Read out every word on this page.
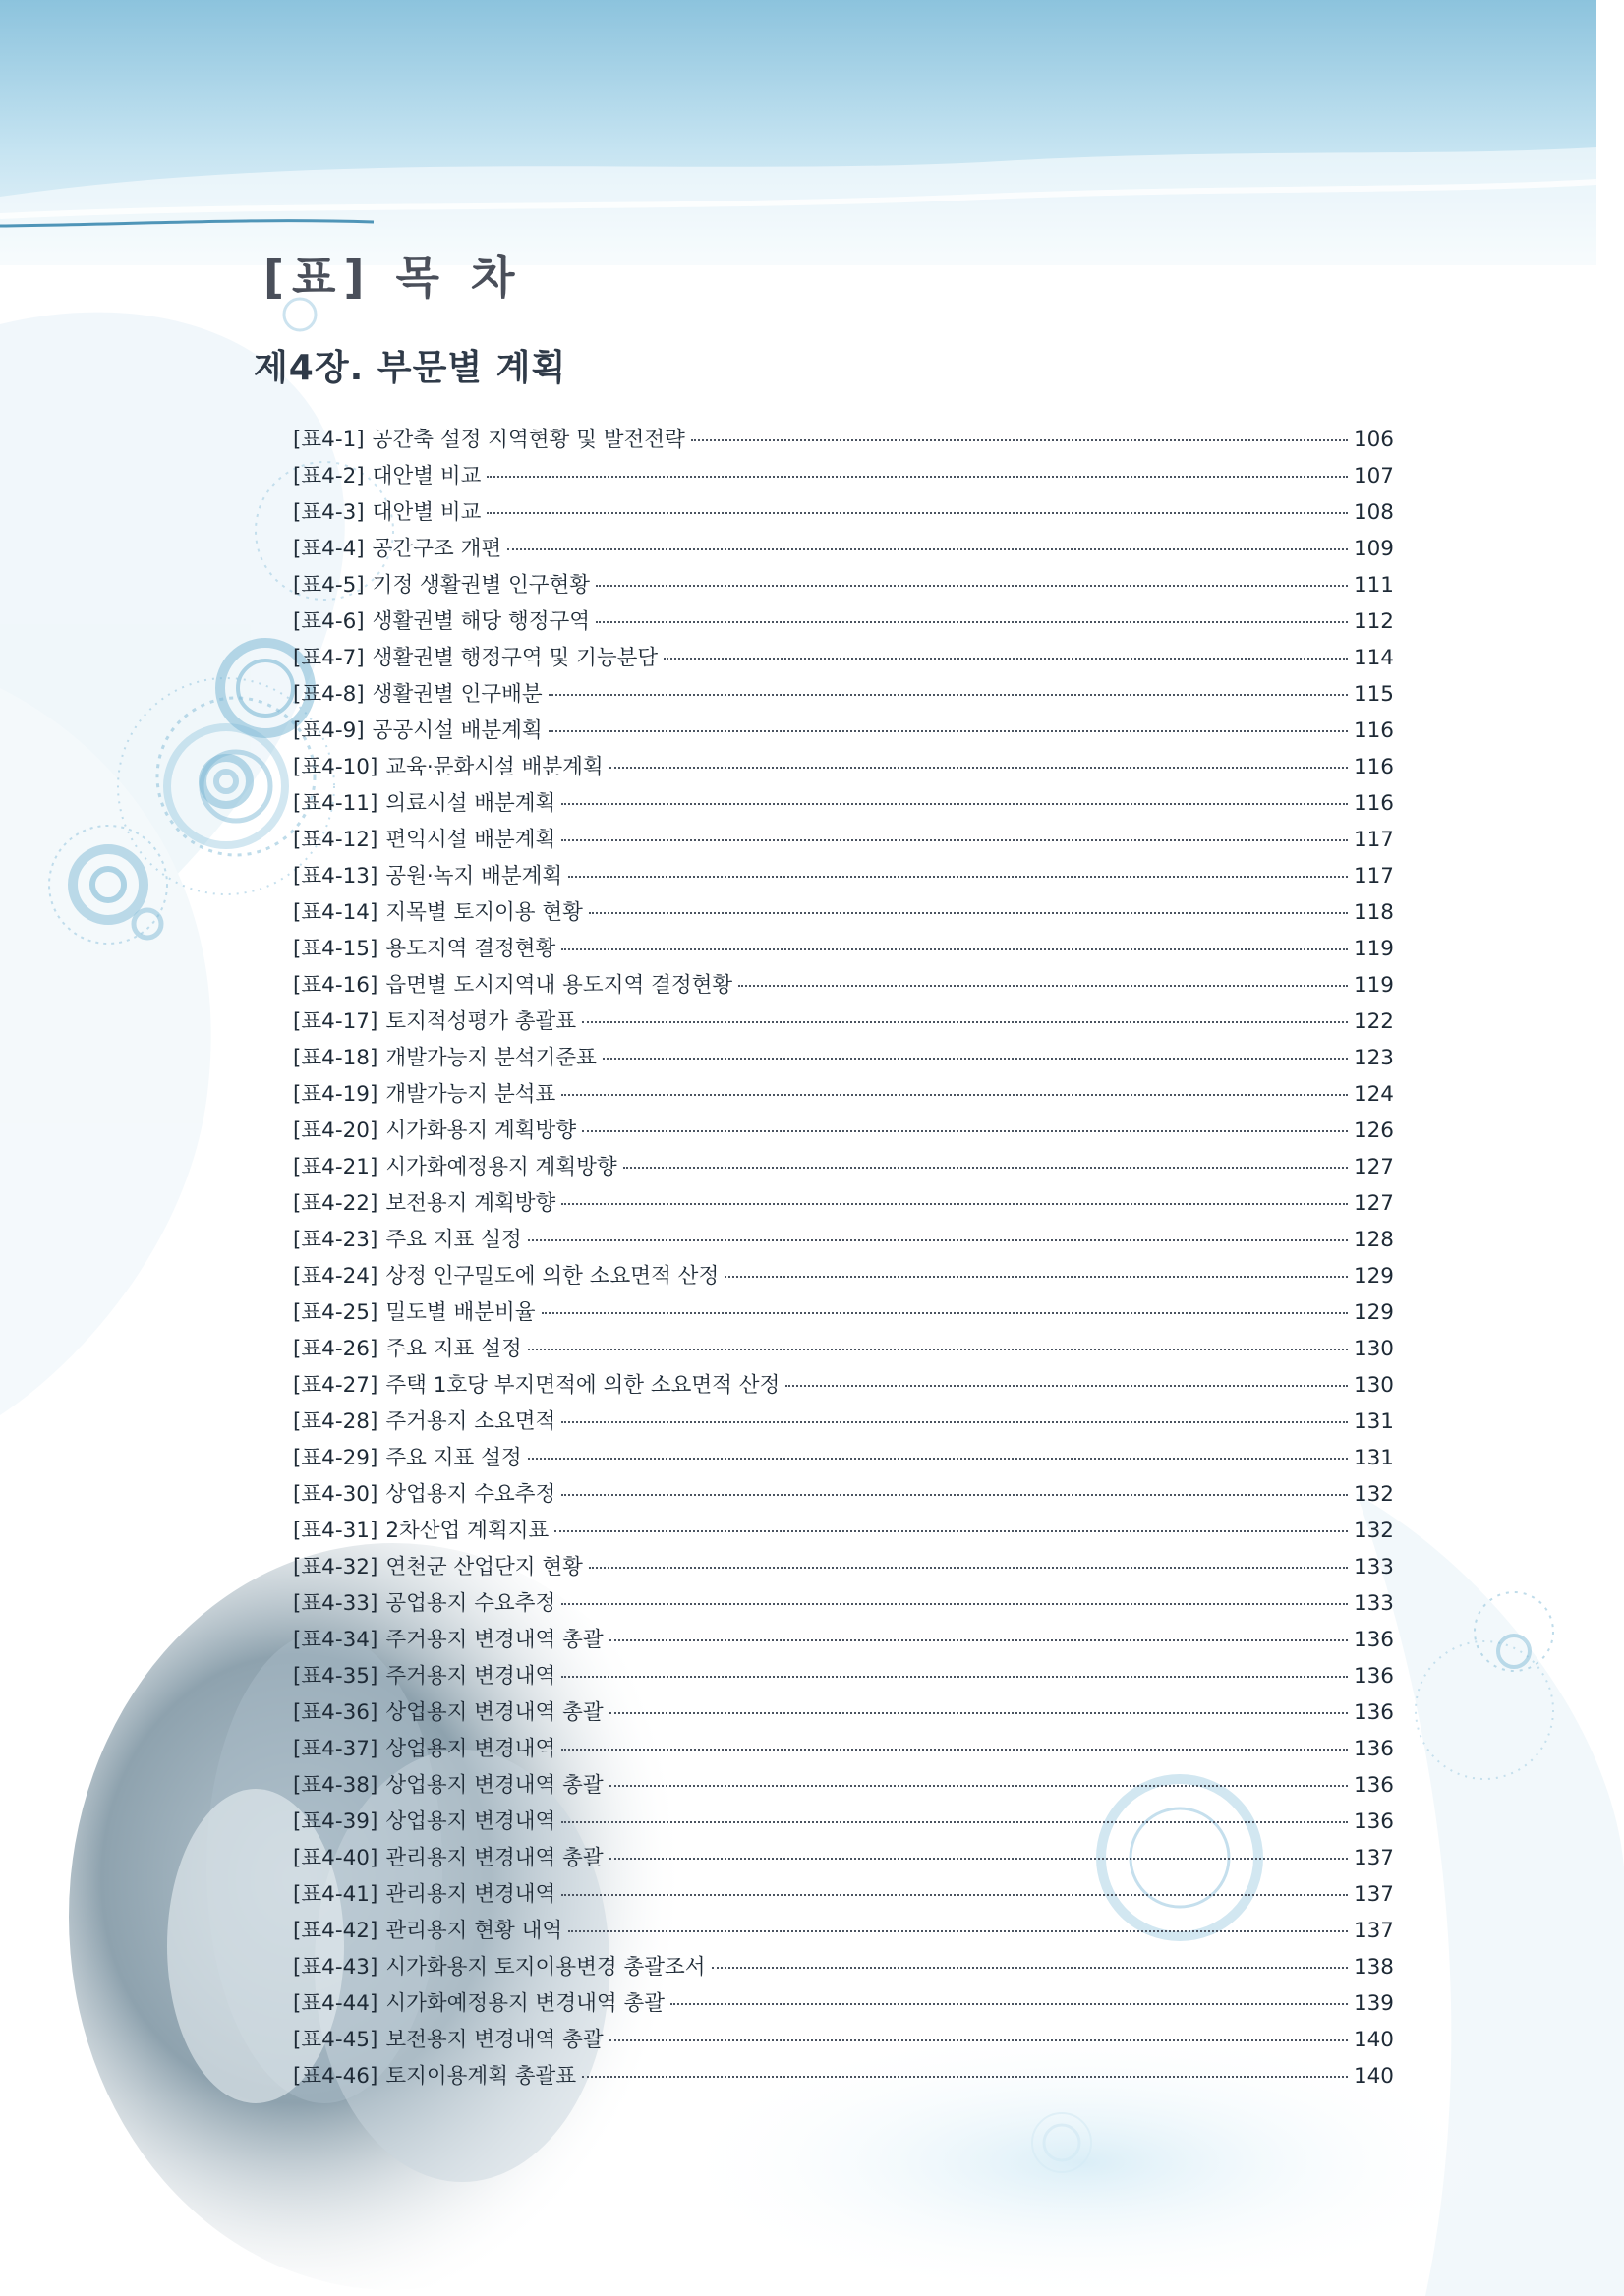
[표] 목 차
제4장. 부문별 계획
[표4-1] 공간축 설정 지역현황 및 발전전략	106
[표4-2] 대안별 비교	107
[표4-3] 대안별 비교	108
[표4-4] 공간구조 개편	109
[표4-5] 기정 생활권별 인구현황	111
[표4-6] 생활권별 해당 행정구역	112
[표4-7] 생활권별 행정구역 및 기능분담	114
[표4-8] 생활권별 인구배분	115
[표4-9] 공공시설 배분계획	116
[표4-10] 교육·문화시설 배분계획	116
[표4-11] 의료시설 배분계획	116
[표4-12] 편익시설 배분계획	117
[표4-13] 공원·녹지 배분계획	117
[표4-14] 지목별 토지이용 현황	118
[표4-15] 용도지역 결정현황	119
[표4-16] 읍면별 도시지역내 용도지역 결정현황	119
[표4-17] 토지적성평가 총괄표	122
[표4-18] 개발가능지 분석기준표	123
[표4-19] 개발가능지 분석표	124
[표4-20] 시가화용지 계획방향	126
[표4-21] 시가화예정용지 계획방향	127
[표4-22] 보전용지 계획방향	127
[표4-23] 주요 지표 설정	128
[표4-24] 상정 인구밀도에 의한 소요면적 산정	129
[표4-25] 밀도별 배분비율	129
[표4-26] 주요 지표 설정	130
[표4-27] 주택 1호당 부지면적에 의한 소요면적 산정	130
[표4-28] 주거용지 소요면적	131
[표4-29] 주요 지표 설정	131
[표4-30] 상업용지 수요추정	132
[표4-31] 2차산업 계획지표	132
[표4-32] 연천군 산업단지 현황	133
[표4-33] 공업용지 수요추정	133
[표4-34] 주거용지 변경내역 총괄	136
[표4-35] 주거용지 변경내역	136
[표4-36] 상업용지 변경내역 총괄	136
[표4-37] 상업용지 변경내역	136
[표4-38] 상업용지 변경내역 총괄	136
[표4-39] 상업용지 변경내역	136
[표4-40] 관리용지 변경내역 총괄	137
[표4-41] 관리용지 변경내역	137
[표4-42] 관리용지 현황 내역	137
[표4-43] 시가화용지 토지이용변경 총괄조서	138
[표4-44] 시가화예정용지 변경내역 총괄	139
[표4-45] 보전용지 변경내역 총괄	140
[표4-46] 토지이용계획 총괄표	140
